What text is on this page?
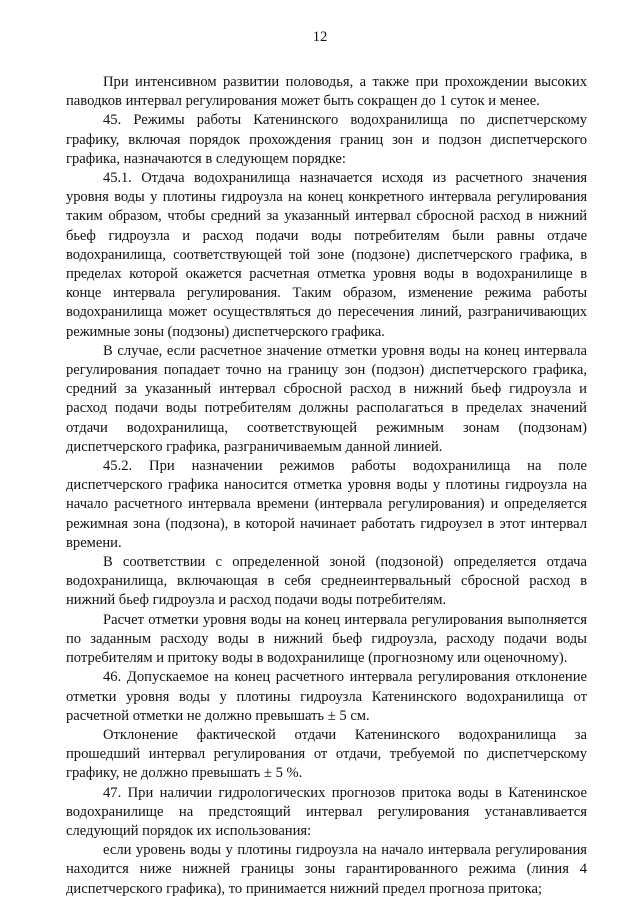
12

При интенсивном развитии половодья, а также при прохождении высоких паводков интервал регулирования может быть сокращен до 1 суток и менее.

45. Режимы работы Катенинского водохранилища по диспетчерскому графику, включая порядок прохождения границ зон и подзон диспетчерского графика, назначаются в следующем порядке:

45.1. Отдача водохранилища назначается исходя из расчетного значения уровня воды у плотины гидроузла на конец конкретного интервала регулирования таким образом, чтобы средний за указанный интервал сбросной расход в нижний бьеф гидроузла и расход подачи воды потребителям были равны отдаче водохранилища, соответствующей той зоне (подзоне) диспетчерского графика, в пределах которой окажется расчетная отметка уровня воды в водохранилище в конце интервала регулирования. Таким образом, изменение режима работы водохранилища может осуществляться до пересечения линий, разграничивающих режимные зоны (подзоны) диспетчерского графика.

В случае, если расчетное значение отметки уровня воды на конец интервала регулирования попадает точно на границу зон (подзон) диспетчерского графика, средний за указанный интервал сбросной расход в нижний бьеф гидроузла и расход подачи воды потребителям должны располагаться в пределах значений отдачи водохранилища, соответствующей режимным зонам (подзонам) диспетчерского графика, разграничиваемым данной линией.

45.2. При назначении режимов работы водохранилища на поле диспетчерского графика наносится отметка уровня воды у плотины гидроузла на начало расчетного интервала времени (интервала регулирования) и определяется режимная зона (подзона), в которой начинает работать гидроузел в этот интервал времени.

В соответствии с определенной зоной (подзоной) определяется отдача водохранилища, включающая в себя среднеинтервальный сбросной расход в нижний бьеф гидроузла и расход подачи воды потребителям.

Расчет отметки уровня воды на конец интервала регулирования выполняется по заданным расходу воды в нижний бьеф гидроузла, расходу подачи воды потребителям и притоку воды в водохранилище (прогнозному или оценочному).

46. Допускаемое на конец расчетного интервала регулирования отклонение отметки уровня воды у плотины гидроузла Катенинского водохранилища от расчетной отметки не должно превышать ± 5 см.

Отклонение фактической отдачи Катенинского водохранилища за прошедший интервал регулирования от отдачи, требуемой по диспетчерскому графику, не должно превышать ± 5 %.

47. При наличии гидрологических прогнозов притока воды в Катенинское водохранилище на предстоящий интервал регулирования устанавливается следующий порядок их использования:

если уровень воды у плотины гидроузла на начало интервала регулирования находится ниже нижней границы зоны гарантированного режима (линия 4 диспетчерского графика), то принимается нижний предел прогноза притока;
